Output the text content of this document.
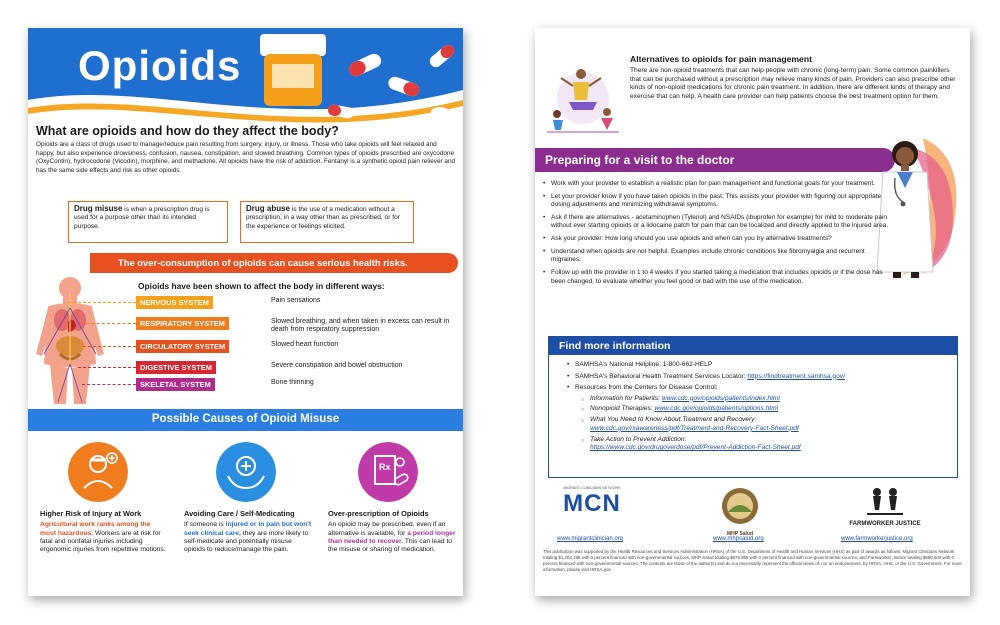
Opioids
What are opioids and how do they affect the body?

Opioids are a class of drugs used to manage/reduce pain resulting from surgery, injury, or illness. Those who take opioids will feel relaxed and happy, but also experience drowsiness, confusion, nausea, constipation, and slowed breathing. Common types of opioids prescribed are oxycodone (OxyContin), hydrocodone (Vicodin), morphine, and methadone. All opioids have the risk of addiction. Fentanyl is a synthetic opioid pain reliever and has the same side effects and risk as other opioids.

Drug misuse is when a prescription drug is used for a purpose other than its intended purpose.
Drug abuse is the use of a medication without a prescription, in a way other than as prescribed, or for the experience or feelings elicited.
The over-consumption of opioids can cause serious health risks.
Opioids have been shown to affect the body in different ways:
NERVOUS SYSTEM	Pain sensations
RESPIRATORY SYSTEM	Slowed breathing, and when taken in excess can result in death from respiratory suppression
CIRCULATORY SYSTEM	Slowed heart function
DIGESTIVE SYSTEM	Severe constipation and bowel obstruction
SKELETAL SYSTEM	Bone thinning
Possible Causes of Opioid Misuse
Rx
Higher Risk of Injury at Work
Agricultural work ranks among the most hazardous. Workers are at risk for fatal and nonfatal injuries including ergonomic injuries from repetitive motions.
Avoiding Care / Self-Medicating
If someone is injured or in pain but won't seek clinical care, they are more likely to self-medicate and potentially misuse opioids to reduce/manage the pain.
Over-prescription of Opioids
An opioid may be prescribed, even if an alternative is available, for a period longer than needed to recover. This can lead to the misuse or sharing of medication.
Alternatives to opioids for pain management

There are non-opioid treatments that can help people with chronic (long-term) pain. Some common painkillers that can be purchased without a prescription may relieve many kinds of pain. Providers can also prescribe other kinds of non-opioid medications for chronic pain treatment. In addition, there are different kinds of therapy and exercise that can help. A health care provider can help patients choose the best treatment option for them.

Preparing for a visit to the doctor
• Work with your provider to establish a realistic plan for pain management and functional goals for your treatment.
• Let your provider know if you have taken opioids in the past. This assists your provider with figuring out appropriate dosing adjustments and minimizing withdrawal symptoms.
• Ask if there are alternatives - acetaminophen (Tylenol) and NSAIDs (ibuprofen for example) for mild to moderate pain without ever starting opioids or a lidocaine patch for pain that can be localized and directly applied to the injured area.
• Ask your provider: How long should you use opioids and when can you try alternative treatments?
• Understand when opioids are not helpful. Examples include chronic conditions like fibromyalgia and recurrent migraines.
• Follow up with the provider in 1 to 4 weeks if you started taking a medication that includes opioids or if the dose has been changed, to evaluate whether you feel good or bad with the use of the medication.
Find more information
• SAMHSA's National Helpline: 1-800-662-HELP
• SAMHSA's Behavioral Health Treatment Services Locator: https://findtreatment.samhsa.gov/
• Resources from the Centers for Disease Control:
○ Information for Patients: www.cdc.gov/opioids/patients/index.html
○ Nonopioid Therapies: www.cdc.gov/opioids/patients/options.html
○ What You Need to Know About Treatment and Recovery:
www.cdc.gov/rxawareness/pdf/Treatment-and-Recovery-Fact-Sheet.pdf
○ Take Action to Prevent Addiction:
https://www.cdc.gov/drugoverdose/pdf/Prevent-Addiction-Fact-Sheet.pdf
MIGRANT CLINICIANS NETWORK
MCN
MHP Salud
FARMWORKER JUSTICE
www.migrantclinician.org	www.mhpsalud.org	www.farmworkerjustice.org

This publication was supported by the Health Resources and Services Administration (HRSA) of the U.S. Department of Health and Human Services (HHS) as part of awards as follows: Migrant Clinicians Network totaling $1,204,198 with 0 percent financed with non-governmental sources, MHP Salud totaling $675,959 with 0 percent financed with non-governmental sources, and Farmworker Justice totaling $550,000 with 0 percent financed with non-governmental sources. The contents are those of the author(s) and do not necessarily represent the official views of, nor an endorsement, by HRSA, HHS, or the U.S. Government. For more information, please visit HRSA.gov.
